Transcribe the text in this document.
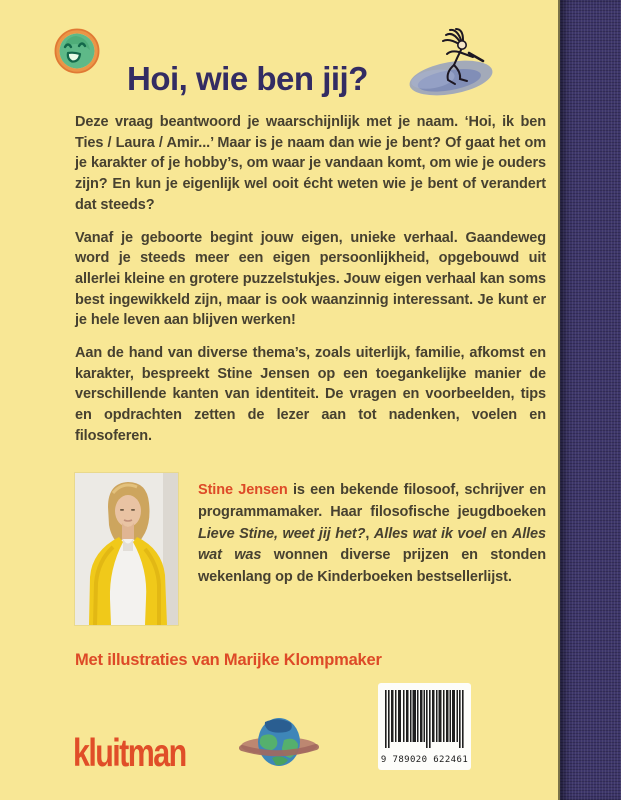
Hoi, wie ben jij?

Deze vraag beantwoord je waarschijnlijk met je naam. ‘Hoi, ik ben Ties / Laura / Amir...’ Maar is je naam dan wie je bent? Of gaat het om je karakter of je hobby’s, om waar je vandaan komt, om wie je ouders zijn? En kun je eigenlijk wel ooit écht weten wie je bent of verandert dat steeds?

Vanaf je geboorte begint jouw eigen, unieke verhaal. Gaandeweg word je steeds meer een eigen persoonlijkheid, opgebouwd uit allerlei kleine en grotere puzzelstukjes. Jouw eigen verhaal kan soms best ingewikkeld zijn, maar is ook waanzinnig interessant. Je kunt er je hele leven aan blijven werken!

Aan de hand van diverse thema’s, zoals uiterlijk, familie, afkomst en karakter, bespreekt Stine Jensen op een toegankelijke manier de verschillende kanten van identiteit. De vragen en voorbeelden, tips en opdrachten zetten de lezer aan tot nadenken, voelen en filosoferen.

Stine Jensen is een bekende filosoof, schrijver en programmamaker. Haar filosofische jeugdboeken Lieve Stine, weet jij het?, Alles wat ik voel en Alles wat was wonnen diverse prijzen en stonden wekenlang op de Kinderboeken bestsellerlijst.

Met illustraties van Marijke Klompmaker

kluitman	9 789020 622461
